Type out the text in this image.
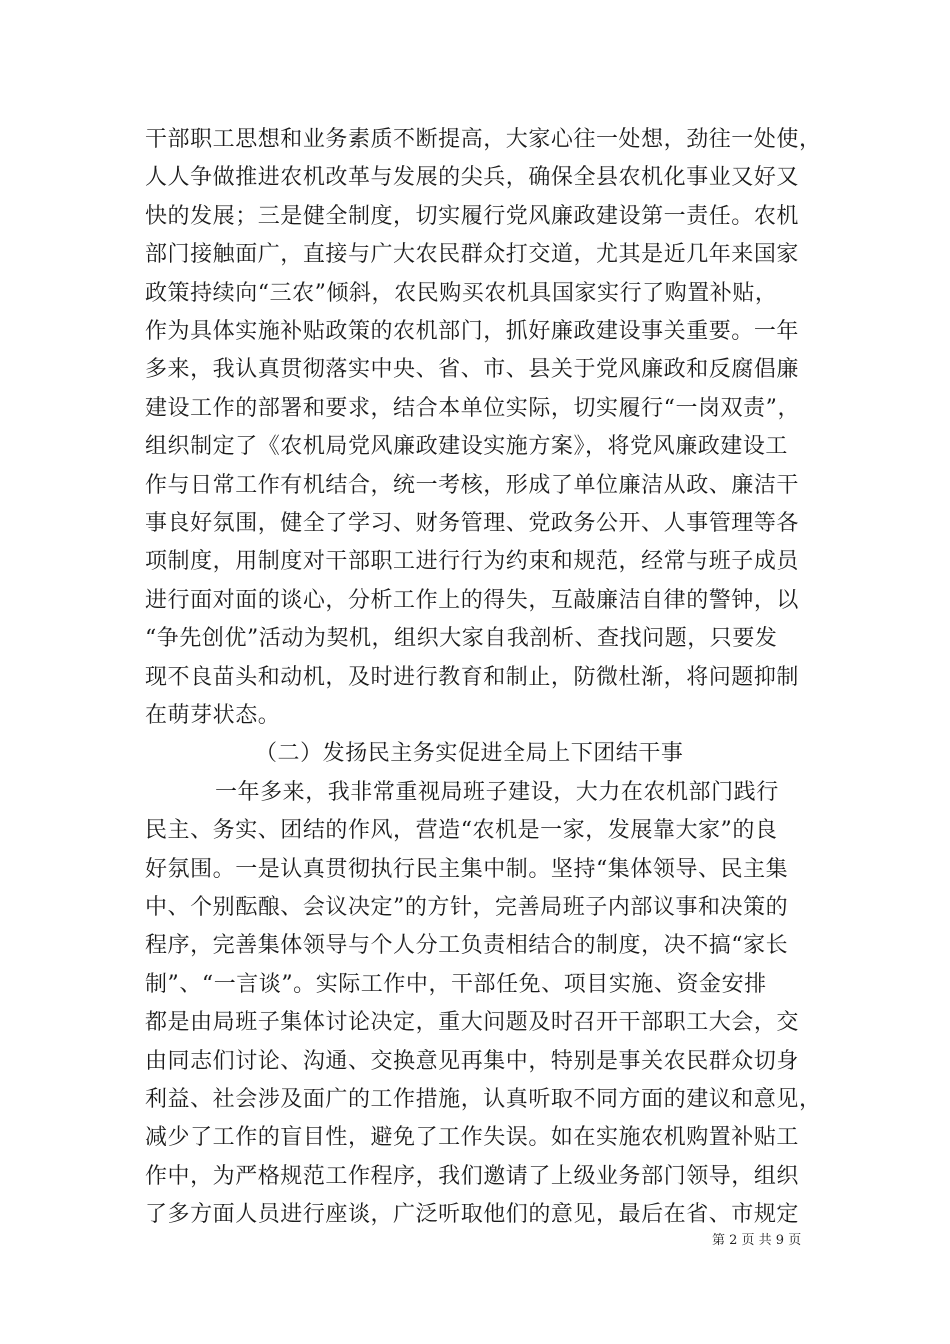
干部职工思想和业务素质不断提高，大家心往一处想，劲往一处使，
人人争做推进农机改革与发展的尖兵，确保全县农机化事业又好又
快的发展；三是健全制度，切实履行党风廉政建设第一责任。农机
部门接触面广，直接与广大农民群众打交道，尤其是近几年来国家
政策持续向“三农”倾斜，农民购买农机具国家实行了购置补贴，
作为具体实施补贴政策的农机部门，抓好廉政建设事关重要。一年
多来，我认真贯彻落实中央、省、市、县关于党风廉政和反腐倡廉
建设工作的部署和要求，结合本单位实际，切实履行“一岗双责”，
组织制定了《农机局党风廉政建设实施方案》，将党风廉政建设工
作与日常工作有机结合，统一考核，形成了单位廉洁从政、廉洁干
事良好氛围，健全了学习、财务管理、党政务公开、人事管理等各
项制度，用制度对干部职工进行行为约束和规范，经常与班子成员
进行面对面的谈心，分析工作上的得失，互敲廉洁自律的警钟，以
“争先创优”活动为契机，组织大家自我剖析、查找问题，只要发
现不良苗头和动机，及时进行教育和制止，防微杜渐，将问题抑制
在萌芽状态。
（二）发扬民主务实促进全局上下团结干事
一年多来，我非常重视局班子建设，大力在农机部门践行
民主、务实、团结的作风，营造“农机是一家，发展靠大家”的良
好氛围。一是认真贯彻执行民主集中制。坚持“集体领导、民主集
中、个别酝酿、会议决定”的方针，完善局班子内部议事和决策的
程序，完善集体领导与个人分工负责相结合的制度，决不搞“家长
制”、“一言谈”。实际工作中，干部任免、项目实施、资金安排
都是由局班子集体讨论决定，重大问题及时召开干部职工大会，交
由同志们讨论、沟通、交换意见再集中，特别是事关农民群众切身
利益、社会涉及面广的工作措施，认真听取不同方面的建议和意见，
减少了工作的盲目性，避免了工作失误。如在实施农机购置补贴工
作中，为严格规范工作程序，我们邀请了上级业务部门领导，组织
了多方面人员进行座谈，广泛听取他们的意见，最后在省、市规定
第 2 页 共 9 页
